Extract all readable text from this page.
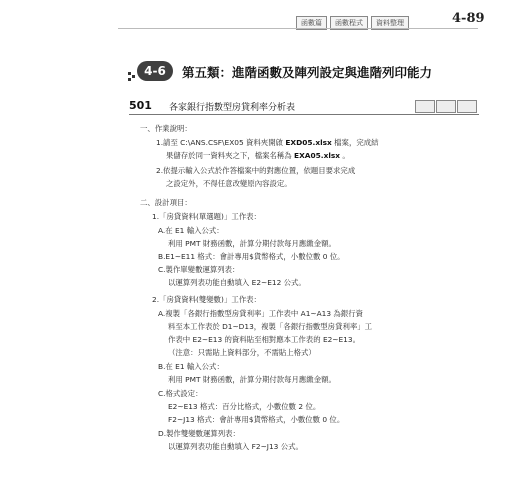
函數篇	函數程式	資料整理	4-89
4-6	第五類：進階函數及陣列設定與進階列印能力
501 各家銀行指數型房貸利率分析表
一、作業說明：
1.請至 C:\ANS.CSF\EX05 資料夾開啟 EXD05.xlsx 檔案，完成結
果儲存於同一資料夾之下，檔案名稱為 EXA05.xlsx 。
2.依提示輸入公式於作答檔案中的對應位置，依題目要求完成
之設定外，不得任意改變原內容設定。
二、設計項目：
1.「房貸資料(單選題)」工作表：
A.在 E1 輸入公式：
利用 PMT 財務函數，計算分期付款每月應繳金額。
B.E1~E11 格式：會計專用$貨幣格式，小數位數 0 位。
C.製作單變數運算列表：
以運算列表功能自動填入 E2~E12 公式。
2.「房貸資料(雙變數)」工作表：
A.複製「各銀行指數型房貸利率」工作表中 A1~A13 為銀行資
料至本工作表於 D1~D13，複製「各銀行指數型房貸利率」工
作表中 E2~E13 的資料貼至相對應本工作表的 E2~E13。
（注意：只需貼上資料部分，不需貼上格式）
B.在 E1 輸入公式：
利用 PMT 財務函數，計算分期付款每月應繳金額。
C.格式設定：
E2~E13 格式：百分比格式，小數位數 2 位。
F2~J13 格式：會計專用$貨幣格式，小數位數 0 位。
D.製作雙變數運算列表：
以運算列表功能自動填入 F2~J13 公式。
